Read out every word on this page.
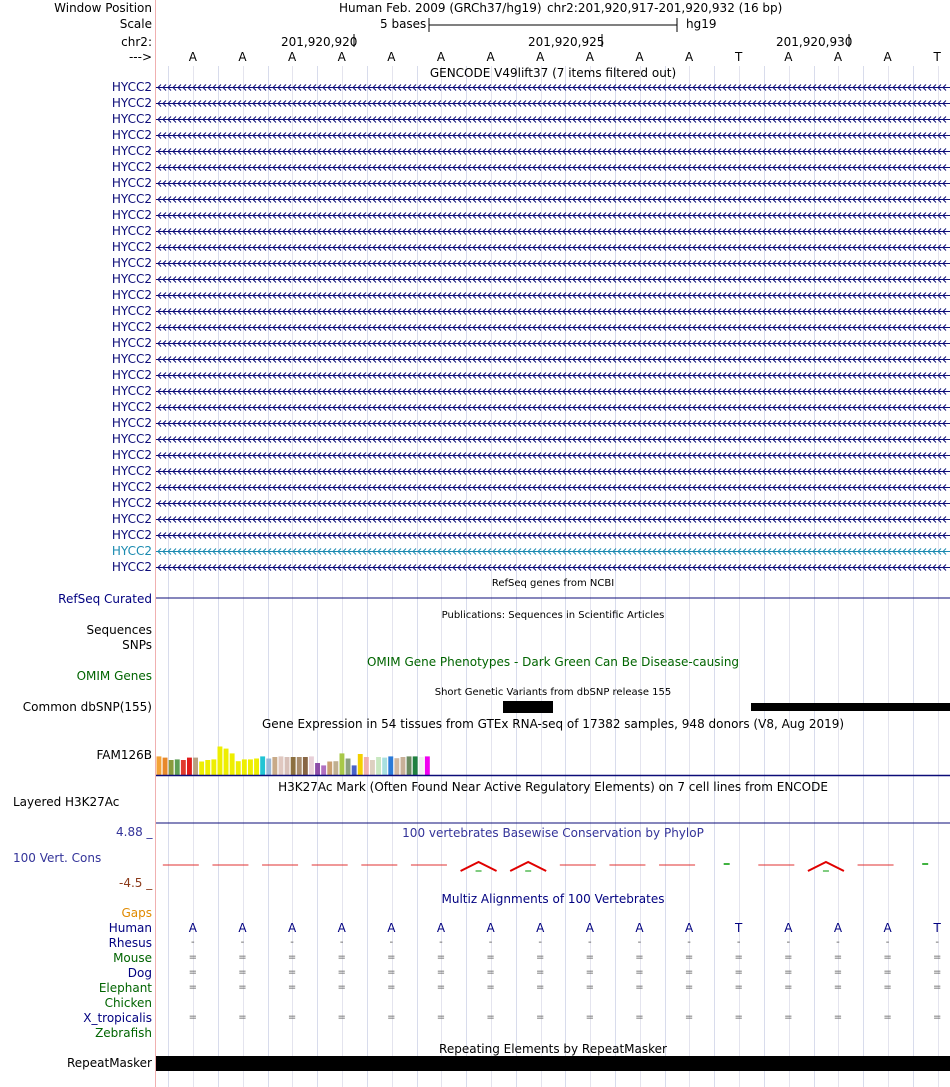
Window Position
Scale
chr2:
--->
Human Feb. 2009 (GRCh37/hg19) chr2:201,920,917-201,920,932 (16 bp)
5 bases	hg19
201,920,920	201,920,925	201,920,930
A	A	A	A	A	A	A	A	A	A	A	T	A	A	A	T
GENCODE V49lift37 (7 items filtered out)
HYCC2
HYCC2
HYCC2
HYCC2
HYCC2
HYCC2
HYCC2
HYCC2
HYCC2
HYCC2
HYCC2
HYCC2
HYCC2
HYCC2
HYCC2
HYCC2
HYCC2
HYCC2
HYCC2
HYCC2
HYCC2
HYCC2
HYCC2
HYCC2
HYCC2
HYCC2
HYCC2
HYCC2
HYCC2
HYCC2
HYCC2
RefSeq genes from NCBI
RefSeq Curated
Publications: Sequences in Scientific Articles
Sequences
SNPs
OMIM Gene Phenotypes - Dark Green Can Be Disease-causing
OMIM Genes
Short Genetic Variants from dbSNP release 155
Common dbSNP(155)
Gene Expression in 54 tissues from GTEx RNA-seq of 17382 samples, 948 donors (V8, Aug 2019)
FAM126B
H3K27Ac Mark (Often Found Near Active Regulatory Elements) on 7 cell lines from ENCODE
Layered H3K27Ac
100 vertebrates Basewise Conservation by PhyloP
4.88 _
100 Vert. Cons
-4.5 _
Multiz Alignments of 100 Vertebrates
Gaps
Human	A	A	A	A	A	A	A	A	A	A	A	T	A	A	A	T
Rhesus	-	-	-	-	-	-	-	-	-	-	-	-	-	-	-	-
Mouse	=	=	=	=	=	=	=	=	=	=	=	=	=	=	=	=
Dog	=	=	=	=	=	=	=	=	=	=	=	=	=	=	=	=
Elephant	=	=	=	=	=	=	=	=	=	=	=	=	=	=	=	=
Chicken
X_tropicalis	=	=	=	=	=	=	=	=	=	=	=	=	=	=	=	=
Zebrafish
Repeating Elements by RepeatMasker
RepeatMasker
